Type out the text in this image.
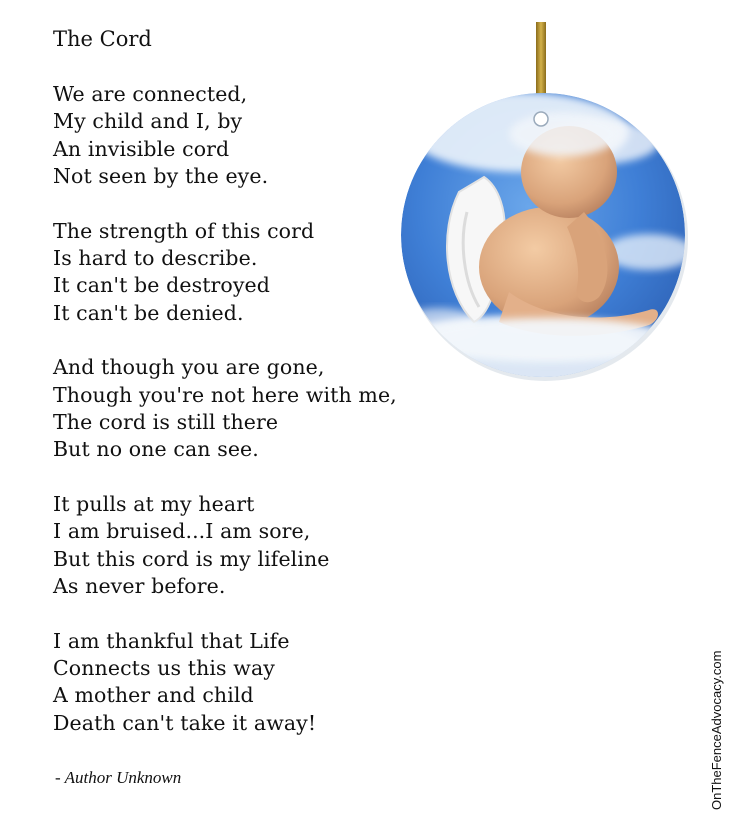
The Cord
We are connected,
My child and I, by
An invisible cord
Not seen by the eye.
The strength of this cord
Is hard to describe.
It can't be destroyed
It can't be denied.
And though you are gone,
Though you're not here with me,
The cord is still there
But no one can see.
It pulls at my heart
I am bruised...I am sore,
But this cord is my lifeline
As never before.
I am thankful that Life
Connects us this way
A mother and child
Death can't take it away!
- Author Unknown	OnTheFenceAdvocacy.com
